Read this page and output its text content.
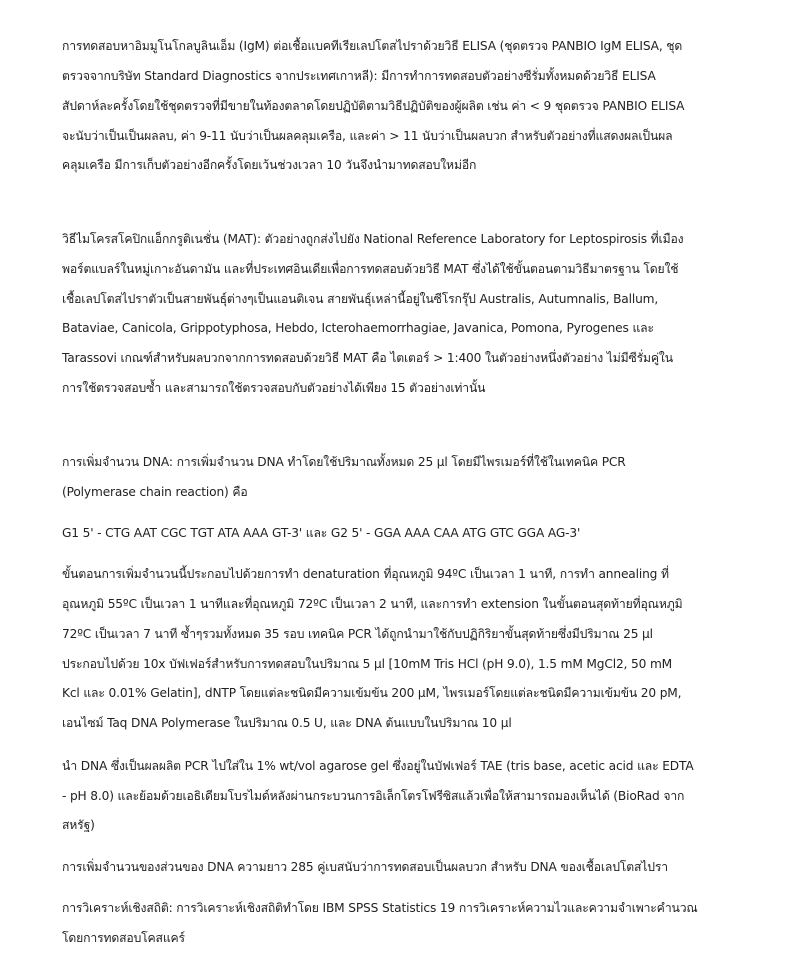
การทดสอบหาอิมมูโนโกลบูลินเอ็ม (IgM) ต่อเชื้อแบคทีเรียเลปโตสไปราด้วยวิธี ELISA (ชุดตรวจ PANBIO IgM ELISA, ชุด
ตรวจจากบริษัท Standard Diagnostics จากประเทศเกาหลี): มีการทำการทดสอบตัวอย่างซีรั่มทั้งหมดด้วยวิธี ELISA
สัปดาห์ละครั้งโดยใช้ชุดตรวจที่มีขายในท้องตลาดโดยปฏิบัติตามวิธีปฏิบัติของผู้ผลิต เช่น ค่า < 9 ชุดตรวจ PANBIO ELISA
จะนับว่าเป็นเป็นผลลบ, ค่า 9-11 นับว่าเป็นผลคลุมเครือ, และค่า > 11 นับว่าเป็นผลบวก สำหรับตัวอย่างที่แสดงผลเป็นผล
คลุมเครือ มีการเก็บตัวอย่างอีกครั้งโดยเว้นช่วงเวลา 10 วันจึงนำมาทดสอบใหม่อีก
วิธีไมโครสโคปิกแอ็กกรูติเนชั่น (MAT): ตัวอย่างถูกส่งไปยัง National Reference Laboratory for Leptospirosis ที่เมือง
พอร์ตแบลร์ในหมู่เกาะอันดามัน และที่ประเทศอินเดียเพื่อการทดสอบด้วยวิธี MAT ซึ่งได้ใช้ขั้นตอนตามวิธีมาตรฐาน โดยใช้
เชื้อเลปโตสไปราตัวเป็นสายพันธุ์ต่างๆเป็นแอนติเจน สายพันธุ์เหล่านี้อยู่ในซีโรกรุ๊ป Australis, Autumnalis, Ballum,
Bataviae, Canicola, Grippotyphosa, Hebdo, Icterohaemorrhagiae, Javanica, Pomona, Pyrogenes และ
Tarassovi เกณฑ์สำหรับผลบวกจากการทดสอบด้วยวิธี MAT คือ ไตเตอร์ > 1:400 ในตัวอย่างหนึ่งตัวอย่าง ไม่มีซีรั่มคู่ใน
การใช้ตรวจสอบซ้ำ และสามารถใช้ตรวจสอบกับตัวอย่างได้เพียง 15 ตัวอย่างเท่านั้น
การเพิ่มจำนวน DNA: การเพิ่มจำนวน DNA ทำโดยใช้ปริมาณทั้งหมด 25 µl โดยมีไพรเมอร์ที่ใช้ในเทคนิค PCR
(Polymerase chain reaction) คือ
G1 5' - CTG AAT CGC TGT ATA AAA GT-3' และ G2 5' - GGA AAA CAA ATG GTC GGA AG-3'
ขั้นตอนการเพิ่มจำนวนนี้ประกอบไปด้วยการทำ denaturation ที่อุณหภูมิ 94ºC เป็นเวลา 1 นาที, การทำ annealing ที่
อุณหภูมิ 55ºC เป็นเวลา 1 นาทีและที่อุณหภูมิ 72ºC เป็นเวลา 2 นาที, และการทำ extension ในขั้นตอนสุดท้ายที่อุณหภูมิ
72ºC เป็นเวลา 7 นาที ซ้ำๆรวมทั้งหมด 35 รอบ เทคนิค PCR ได้ถูกนำมาใช้กับปฏิกิริยาขั้นสุดท้ายซึ่งมีปริมาณ 25 µl
ประกอบไปด้วย 10x บัฟเฟอร์สำหรับการทดสอบในปริมาณ 5 µl [10mM Tris HCl (pH 9.0), 1.5 mM MgCl2, 50 mM
Kcl และ 0.01% Gelatin], dNTP โดยแต่ละชนิดมีความเข้มข้น 200 µM, ไพรเมอร์โดยแต่ละชนิดมีความเข้มข้น 20 pM,
เอนไซม์ Taq DNA Polymerase ในปริมาณ 0.5 U, และ DNA ต้นแบบในปริมาณ 10 µl
นำ DNA ซึ่งเป็นผลผลิต PCR ไปใส่ใน 1% wt/vol agarose gel ซึ่งอยู่ในบัฟเฟอร์ TAE (tris base, acetic acid และ EDTA
- pH 8.0) และย้อมด้วยเอธิเดียมโบรไมด์หลังผ่านกระบวนการอิเล็กโตรโฟรีซิสแล้วเพื่อให้สามารถมองเห็นได้ (BioRad จาก
สหรัฐ)
การเพิ่มจำนวนของส่วนของ DNA ความยาว 285 คู่เบสนับว่าการทดสอบเป็นผลบวก สำหรับ DNA ของเชื้อเลปโตสไปรา
การวิเคราะห์เชิงสถิติ: การวิเคราะห์เชิงสถิติทำโดย IBM SPSS Statistics 19 การวิเคราะห์ความไวและความจำเพาะคำนวณ
โดยการทดสอบโคสแคร์
